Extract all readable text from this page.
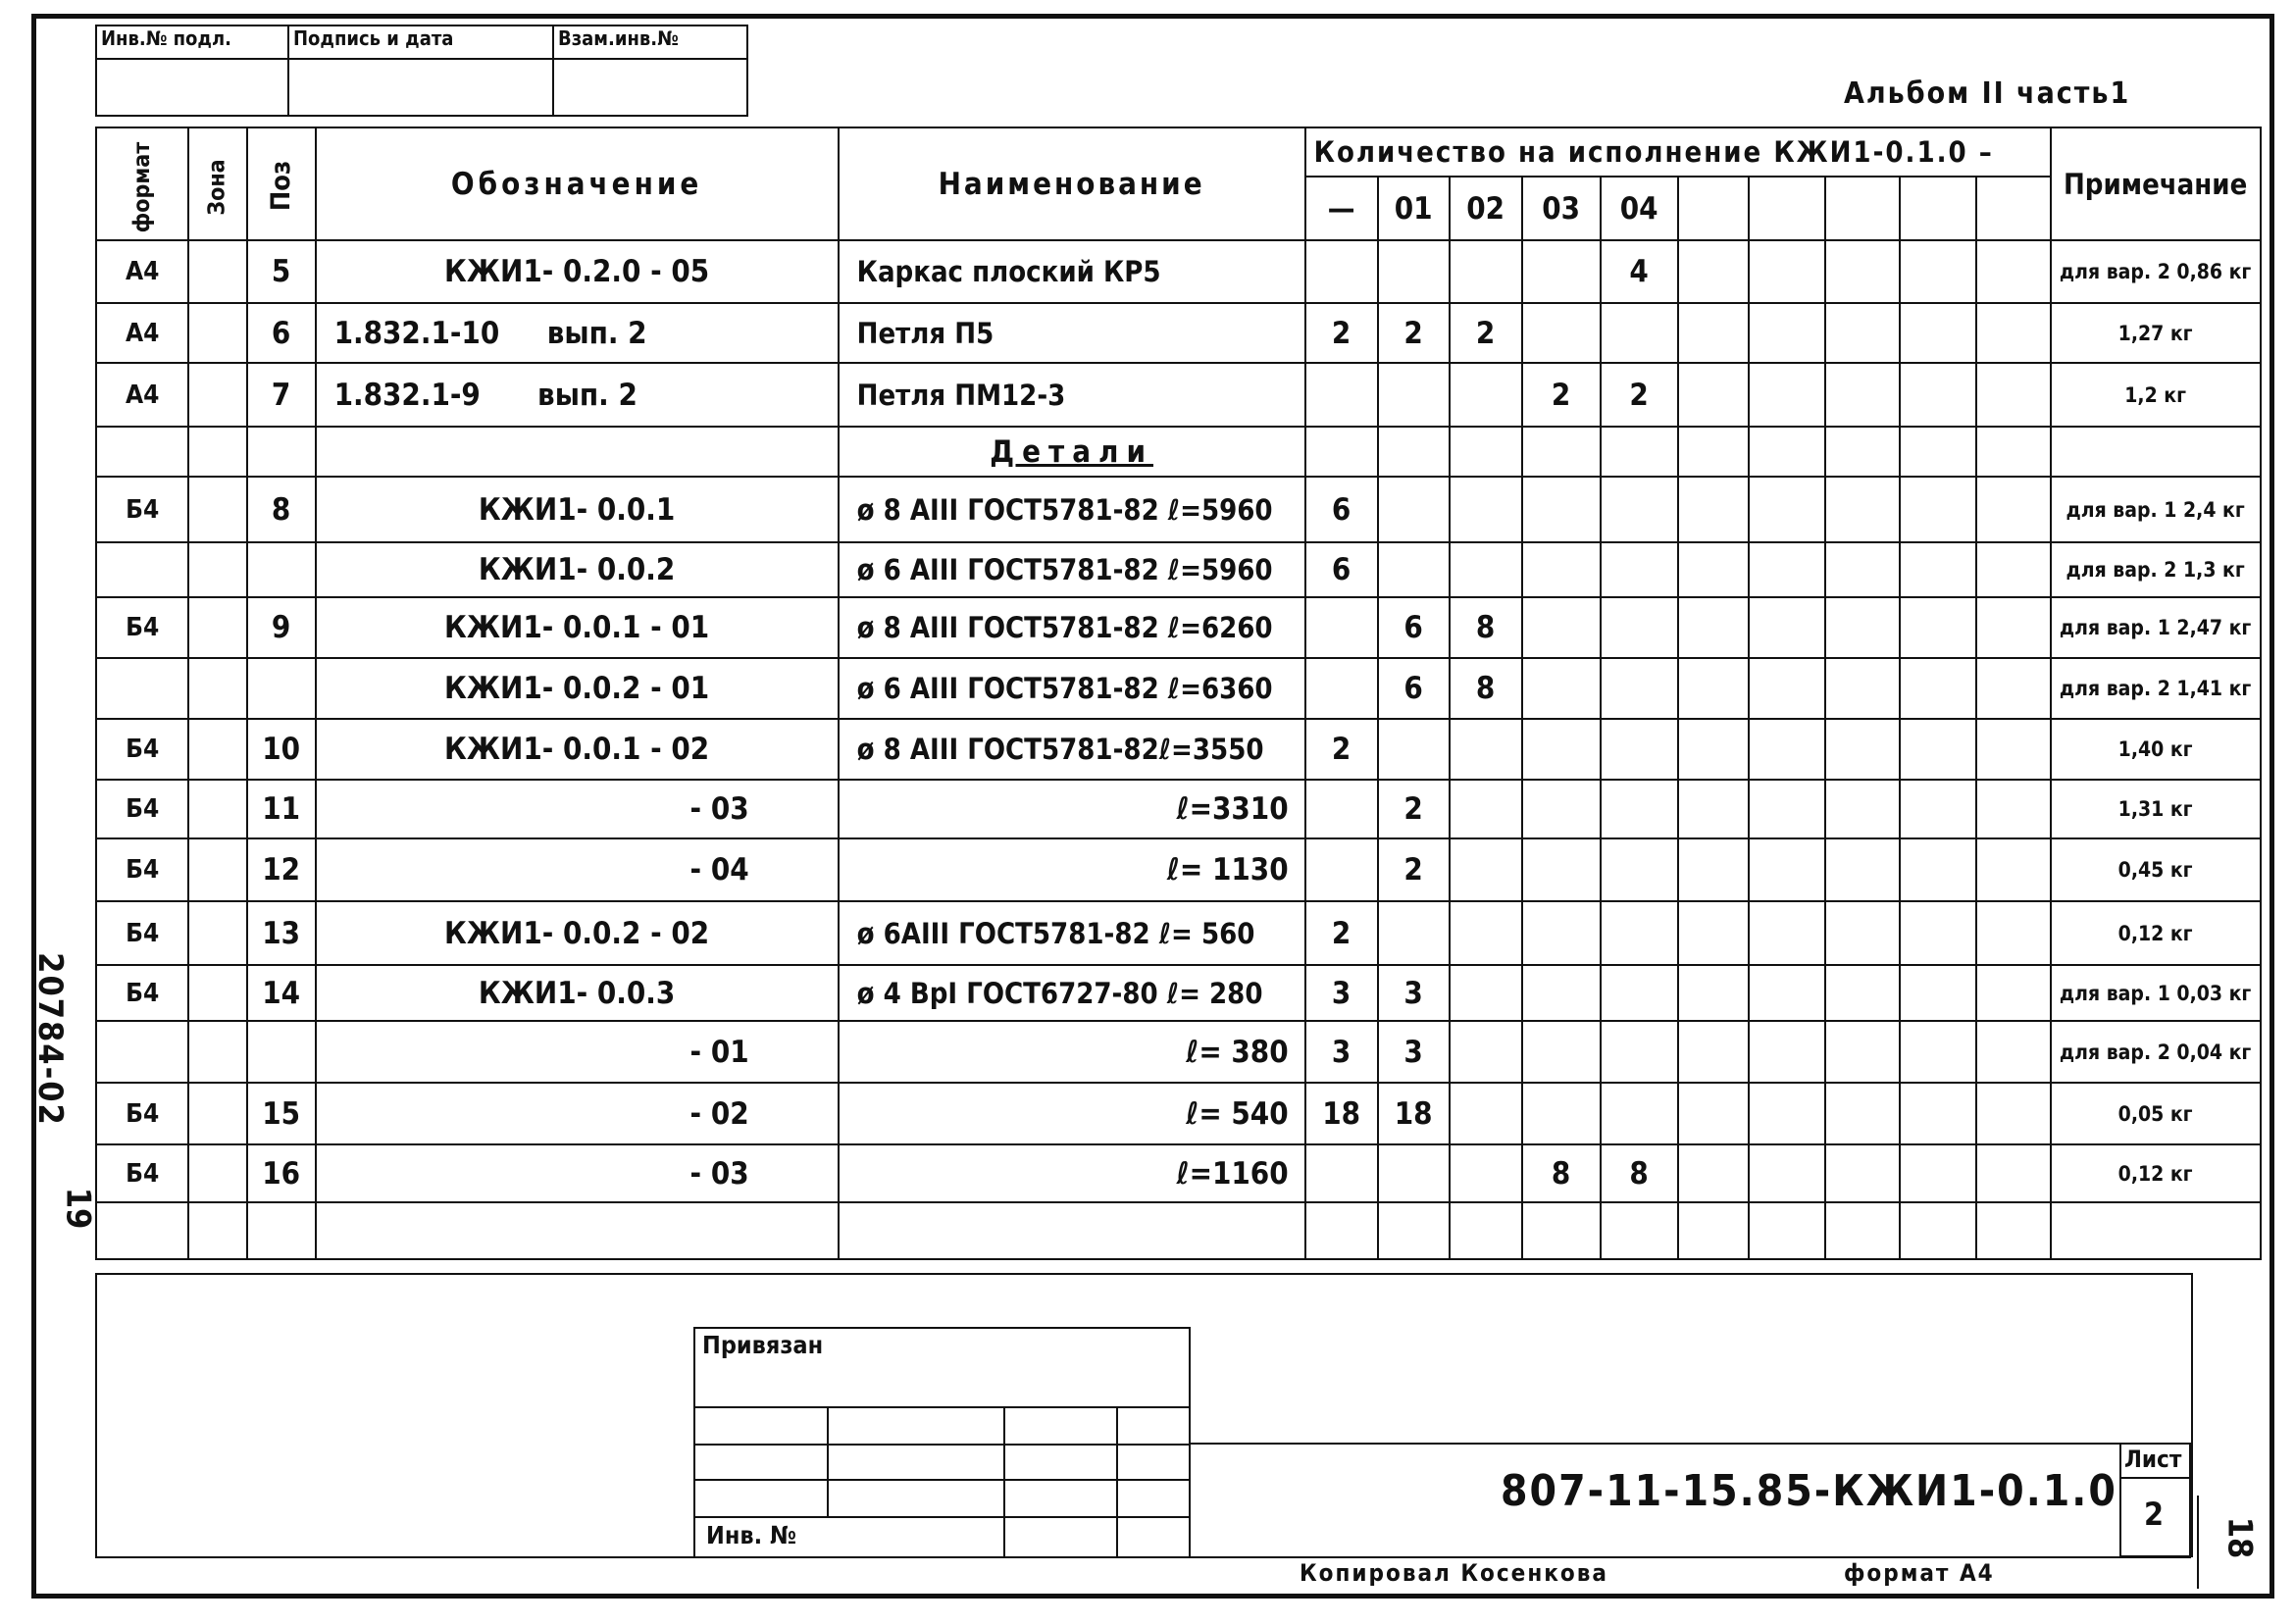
Инв.№ подл.	Подпись и дата	Взам.инв.№

Альбом II часть1
20784-02
19
формат	Зона	Поз	Обозначение	Наименование	Количество на исполнение КЖИ1-0.1.0 –										Примечание
					—	01	02	03	04						
А4		5	КЖИ1- 0.2.0 - 05	Каркас плоский КР5					4						для вар. 2 0,86 кг
А4		6	1.832.1-10     вып. 2	Петля П5	2	2	2								1,27 кг
А4		7	1.832.1-9      вып. 2	Петля ПМ12-3				2	2						1,2 кг
				Детали											
Б4		8	КЖИ1- 0.0.1	ø 8 АIII ГОСТ5781-82 ℓ=5960	6										для вар. 1 2,4 кг
			КЖИ1- 0.0.2	ø 6 АIII ГОСТ5781-82 ℓ=5960	6										для вар. 2 1,3 кг
Б4		9	КЖИ1- 0.0.1 - 01	ø 8 АIII ГОСТ5781-82 ℓ=6260		6	8								для вар. 1 2,47 кг
			КЖИ1- 0.0.2 - 01	ø 6 АIII ГОСТ5781-82 ℓ=6360		6	8								для вар. 2 1,41 кг
Б4		10	КЖИ1- 0.0.1 - 02	ø 8 АIII ГОСТ5781-82ℓ=3550	2										1,40 кг
Б4		11	- 03	ℓ=3310		2									1,31 кг
Б4		12	- 04	ℓ= 1130		2									0,45 кг
Б4		13	КЖИ1- 0.0.2 - 02	ø 6АIII ГОСТ5781-82 ℓ= 560	2										0,12 кг
Б4		14	КЖИ1- 0.0.3	ø 4 ВрI ГОСТ6727-80 ℓ= 280	3	3									для вар. 1 0,03 кг
			- 01	ℓ= 380	3	3									для вар. 2 0,04 кг
Б4		15	- 02	ℓ= 540	18	18									0,05 кг
Б4		16	- 03	ℓ=1160				8	8						0,12 кг

Привязан
Инв. №
807-11-15.85-КЖИ1-0.1.0
Лист
2
Копировал Косенкова	формат А4
18
